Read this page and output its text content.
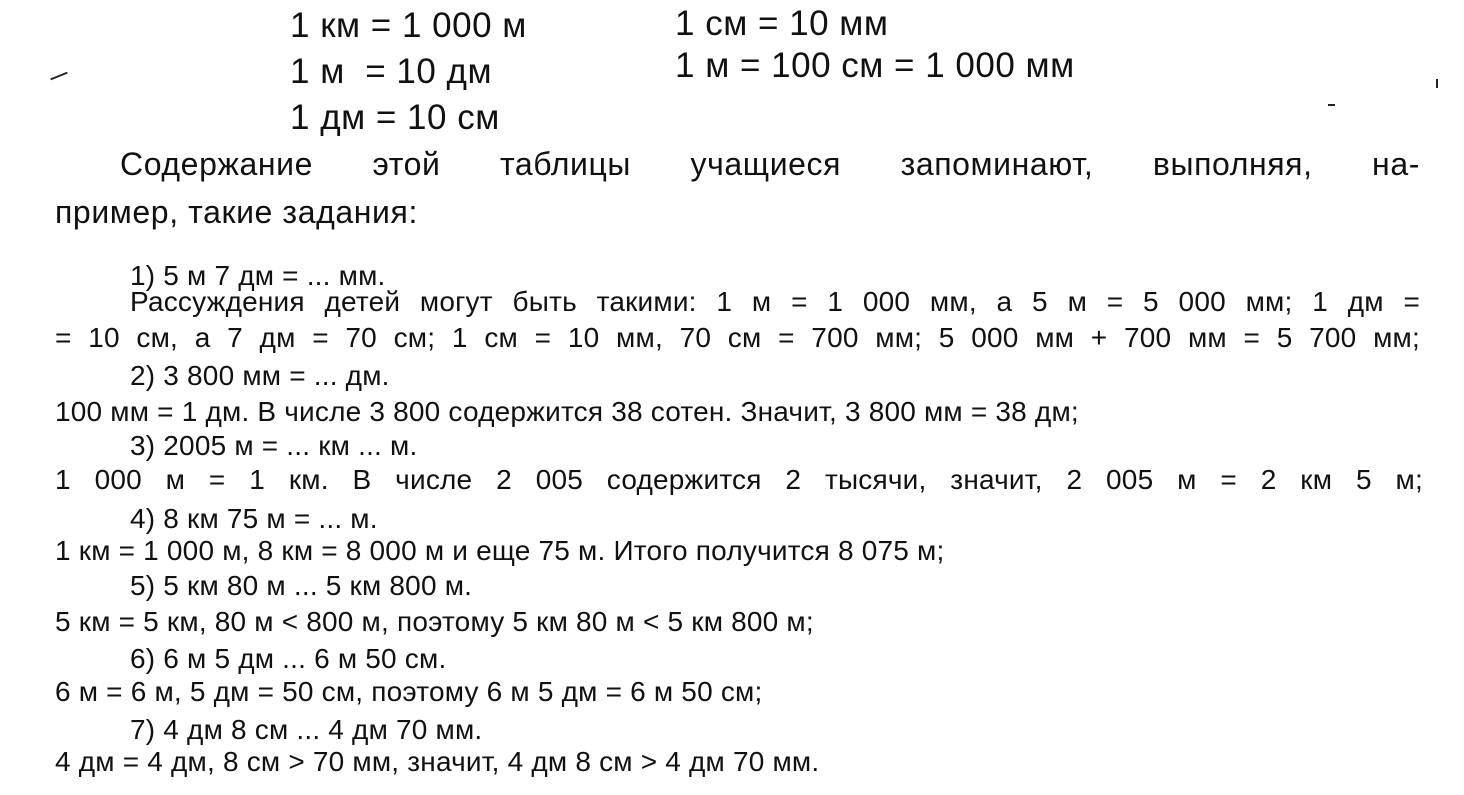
1 км = 1 000 м
1 м  = 10 дм
1 дм = 10 см
1 см = 10 мм
1 м = 100 см = 1 000 мм
Содержание этой таблицы учащиеся запоминают, выполняя, на-
пример, такие задания:
1) 5 м 7 дм = ... мм.
Рассуждения детей могут быть такими: 1 м = 1 000 мм, а 5 м = 5 000 мм; 1 дм =
= 10 см, а 7 дм = 70 см; 1 см = 10 мм, 70 см = 700 мм; 5 000 мм + 700 мм = 5 700 мм;
2) 3 800 мм = ... дм.
100 мм = 1 дм. В числе 3 800 содержится 38 сотен. Значит, 3 800 мм = 38 дм;
3) 2005 м = ... км ... м.
1 000 м = 1 км. В числе 2 005 содержится 2 тысячи, значит, 2 005 м = 2 км 5 м;
4) 8 км 75 м = ... м.
1 км = 1 000 м, 8 км = 8 000 м и еще 75 м. Итого получится 8 075 м;
5) 5 км 80 м ... 5 км 800 м.
5 км = 5 км, 80 м < 800 м, поэтому 5 км 80 м < 5 км 800 м;
6) 6 м 5 дм ... 6 м 50 см.
6 м = 6 м, 5 дм = 50 см, поэтому 6 м 5 дм = 6 м 50 см;
7) 4 дм 8 см ... 4 дм 70 мм.
4 дм = 4 дм, 8 см > 70 мм, значит, 4 дм 8 см > 4 дм 70 мм.
